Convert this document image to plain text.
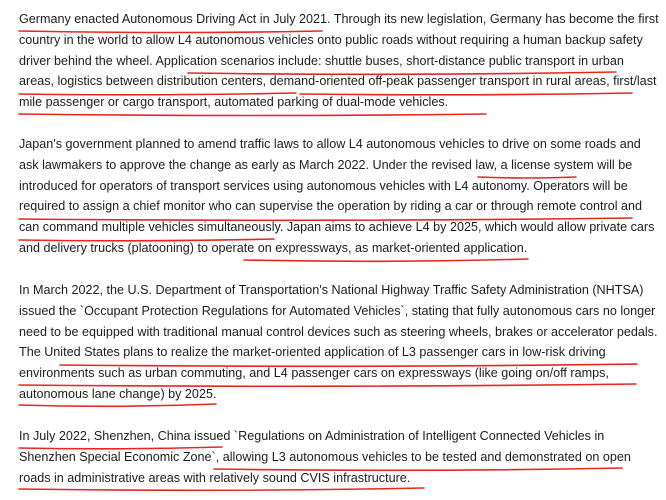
Germany enacted Autonomous Driving Act in July 2021. Through its new legislation, Germany has become the first country in the world to allow L4 autonomous vehicles onto public roads without requiring a human backup safety driver behind the wheel. Application scenarios include: shuttle buses, short-distance public transport in urban areas, logistics between distribution centers, demand-oriented off-peak passenger transport in rural areas, first/last mile passenger or cargo transport, automated parking of dual-mode vehicles.

Japan's government planned to amend traffic laws to allow L4 autonomous vehicles to drive on some roads and ask lawmakers to approve the change as early as March 2022. Under the revised law, a license system will be introduced for operators of transport services using autonomous vehicles with L4 autonomy. Operators will be required to assign a chief monitor who can supervise the operation by riding a car or through remote control and can command multiple vehicles simultaneously. Japan aims to achieve L4 by 2025, which would allow private cars and delivery trucks (platooning) to operate on expressways, as market-oriented application.

In March 2022, the U.S. Department of Transportation's National Highway Traffic Safety Administration (NHTSA) issued the `Occupant Protection Regulations for Automated Vehicles`, stating that fully autonomous cars no longer need to be equipped with traditional manual control devices such as steering wheels, brakes or accelerator pedals. The United States plans to realize the market-oriented application of L3 passenger cars in low-risk driving environments such as urban commuting, and L4 passenger cars on expressways (like going on/off ramps, autonomous lane change) by 2025.

In July 2022, Shenzhen, China issued `Regulations on Administration of Intelligent Connected Vehicles in Shenzhen Special Economic Zone`, allowing L3 autonomous vehicles to be tested and demonstrated on open roads in administrative areas with relatively sound CVIS infrastructure.
